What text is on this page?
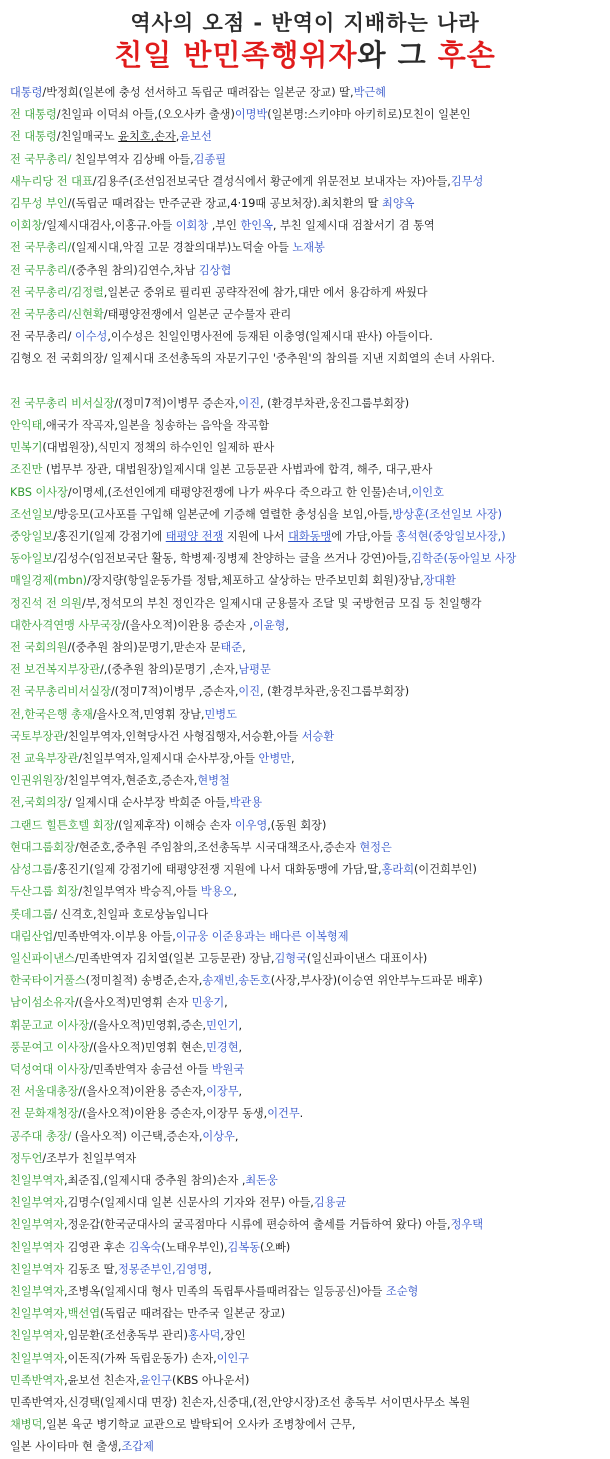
역사의 오점 - 반역이 지배하는 나라
친일 반민족행위자와 그 후손
대통령/박정희(일본에 충성 선서하고 독립군 때려잡는 일본군 장교) 딸,박근혜
전 대통령/친일파 이덕쇠 아들,(오오사카 출생)이명박(일본명:스키야마 아키히로)모친이 일본인
전 대통령/친일매국노 윤치호,손자,윤보선
전 국무총리/ 친일부역자 김상배 아들,김종필
새누리당 전 대표/김용주(조선임전보국단 결성식에서 황군에게 위문전보 보내자는 자)아들,김무성
김무성 부인/(독립군 때려잡는 만주군관 장교,4·19때 공보처장).최치환의 딸 최양옥
이회창/일제시대검사,이홍규.아들 이회창 ,부인 한인옥, 부친 일제시대 검찰서기 겸 통역
전 국무총리/(일제시대,악질 고문 경찰의대부)노덕술 아들 노재봉
전 국무총리/(중추원 참의)김연수,차남 김상협
전 국무총리/김정렬,일본군 중위로 필리핀 공략작전에 참가,대만 에서 용감하게 싸웠다
전 국무총리/신현확/태평양전쟁에서 일본군 군수물자 관리
전 국무총리/ 이수성,이수성은 친일인명사전에 등재된 이충영(일제시대 판사) 아들이다.
김형오 전 국회의장/ 일제시대 조선총독의 자문기구인 '중추원'의 참의를 지낸 지희열의 손녀 사위다.
전 국무총리 비서실장/(정미7적)이병무 증손자,이진, (환경부차관,웅진그룹부회장)
안익태,애국가 작곡자,일본을 칭송하는 음악을 작곡함
민복기(대법원장),식민지 정책의 하수인인 일제하 판사
조진만 (법무부 장관, 대법원장)일제시대 일본 고등문관 사법과에 합격, 해주, 대구,판사
KBS 이사장/이명세,(조선인에게 태평양전쟁에 나가 싸우다 죽으라고 한 인물)손녀,이인호
조선일보/방응모(고사포를 구입해 일본군에 기증해 열렬한 충성심을 보임,아들,방상훈(조선일보 사장)
중앙일보/홍진기(일제 강점기에 태평양 전쟁 지원에 나서 대화동맹에 가담,아들 홍석현(중앙일보사장,)
동아일보/김성수(임전보국단 활동, 학병제·징병제 찬양하는 글을 쓰거나 강연)아들,김학준(동아일보 사장
매일경제(mbn)/장지량(항일운동가를 정탐,체포하고 살상하는 만주보민회 회원)장남,장대환
정진석 전 의원/부,정석모의 부친 정인각은 일제시대 군용물자 조달 및 국방헌금 모집 등 친일행각
대한사격연맹 사무국장/(을사오적)이완용 증손자 ,이윤형,
전 국회의원/(중추원 참의)문명기,맏손자 문태준,
전 보건복지부장관/,(중추원 참의)문명기 ,손자,남평문
전 국무총리비서실장/(정미7적)이병무 ,증손자,이진, (환경부차관,웅진그룹부회장)
전,한국은행 총재/을사오적,민영휘 장남,민병도
국토부장관/친일부역자,인혁당사건 사형집행자,서승환,아들 서승환
전 교육부장관/친일부역자,일제시대 순사부장,아들 안병만,
인권위원장/친일부역자,현준호,증손자,현병철
전,국회의장/ 일제시대 순사부장 박희준 아들,박관용
그랜드 힐튼호텔 회장/(일제후작) 이해승 손자 이우영,(동원 회장)
현대그룹회장/현준호,중추원 주임참의,조선총독부 시국대책조사,증손자 현정은
삼성그룹/홍진기(일제 강점기에 태평양전쟁 지원에 나서 대화동맹에 가담,딸,홍라희(이건희부인)
두산그룹 회장/친일부역자 박승직,아들 박용오,
롯데그룹/ 신격호,친일파 호로상놈입니다
대림산업/민족반역자.이부용 아들,이규웅 이준용과는 배다른 이복형제
일신파이낸스/민족반역자 김치열(일본 고등문관) 장남,김형국(일신파이낸스 대표이사)
한국타이거풀스(정미칠적) 송병준,손자,송재빈,송돈호(사장,부사장)(이승연 위안부누드파문 배후)
남이섬소유자/(을사오적)민영휘 손자 민웅기,
휘문고교 이사장/(을사오적)민영휘,증손,민인기,
풍문여고 이사장/(을사오적)민영휘 현손,민경현,
덕성여대 이사장/민족반역자 송금선 아들 박원국
전 서울대총장/(을사오적)이완용 증손자,이장무,
전 문화재청장/(을사오적)이완용 증손자,이장무 동생,이건무.
공주대 총장/ (을사오적) 이근택,증손자,이상우,
정두언/조부가 친일부역자
친일부역자,최준집,(일제시대 중추원 참의)손자 ,최돈웅
친일부역자,김명수(일제시대 일본 신문사의 기자와 전무) 아들,김용균
친일부역자,정운갑(한국군대사의 굴곡점마다 시류에 편승하여 출세를 거듭하여 왔다) 아들,정우택
친일부역자 김영관 후손 김옥숙(노태우부인),김복동(오빠)
친일부역자 김동조 딸,정몽준부인,김영명,
친일부역자,조병옥(일제시대 형사 민족의 독립투사를때려잡는 일등공신)아들 조순형
친일부역자,백선엽(독립군 때려잡는 만주국 일본군 장교)
친일부역자,임문환(조선총독부 관리)홍사덕,장인
친일부역자,이돈직(가짜 독립운동가) 손자,이인구
민족반역자,윤보선 친손자,윤인구(KBS 아나운서)
민족반역자,신경택(일제시대 면장) 친손자,신중대,(전,안양시장)조선 총독부 서이면사무소 복원
채병덕,일본 육군 병기학교 교관으로 발탁되어 오사카 조병창에서 근무,
일본 사이타마 현 출생,조갑제
